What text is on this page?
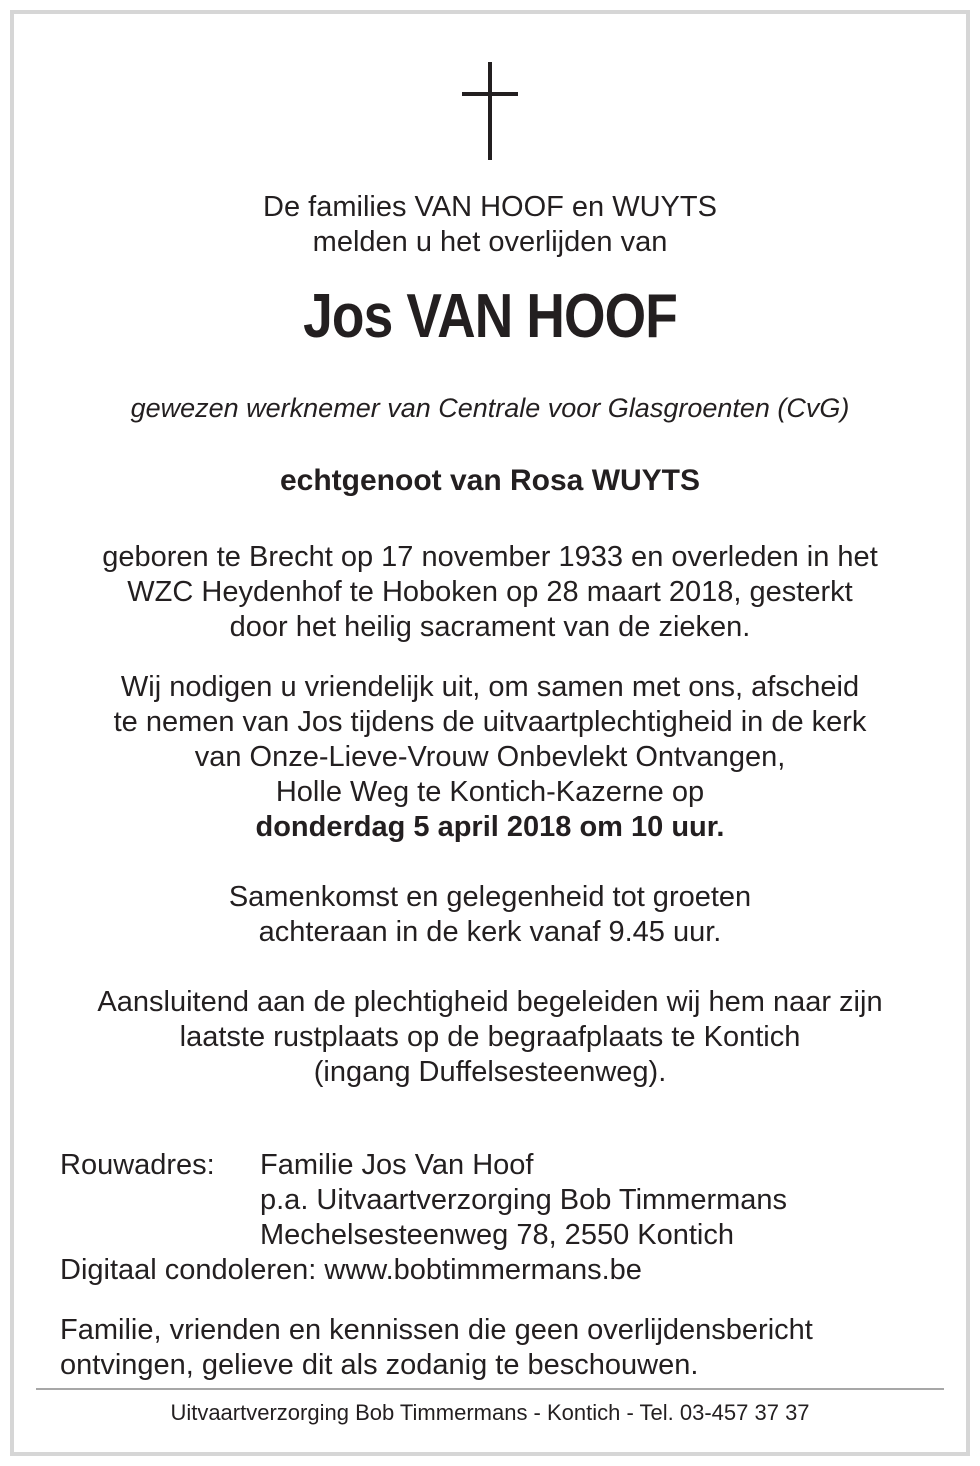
De families VAN HOOF en WUYTS
melden u het overlijden van
Jos VAN HOOF
gewezen werknemer van Centrale voor Glasgroenten (CvG)
echtgenoot van Rosa WUYTS
geboren te Brecht op 17 november 1933 en overleden in het
WZC Heydenhof te Hoboken op 28 maart 2018, gesterkt
door het heilig sacrament van de zieken.
Wij nodigen u vriendelijk uit, om samen met ons, afscheid
te nemen van Jos tijdens de uitvaartplechtigheid in de kerk
van Onze-Lieve-Vrouw Onbevlekt Ontvangen,
Holle Weg te Kontich-Kazerne op
donderdag 5 april 2018 om 10 uur.
Samenkomst en gelegenheid tot groeten
achteraan in de kerk vanaf 9.45 uur.
Aansluitend aan de plechtigheid begeleiden wij hem naar zijn
laatste rustplaats op de begraafplaats te Kontich
(ingang Duffelsesteenweg).
Rouwadres: Familie Jos Van Hoof
p.a. Uitvaartverzorging Bob Timmermans
Mechelsesteenweg 78, 2550 Kontich
Digitaal condoleren: www.bobtimmermans.be
Familie, vrienden en kennissen die geen overlijdensbericht
ontvingen, gelieve dit als zodanig te beschouwen.
Uitvaartverzorging Bob Timmermans - Kontich - Tel. 03-457 37 37
